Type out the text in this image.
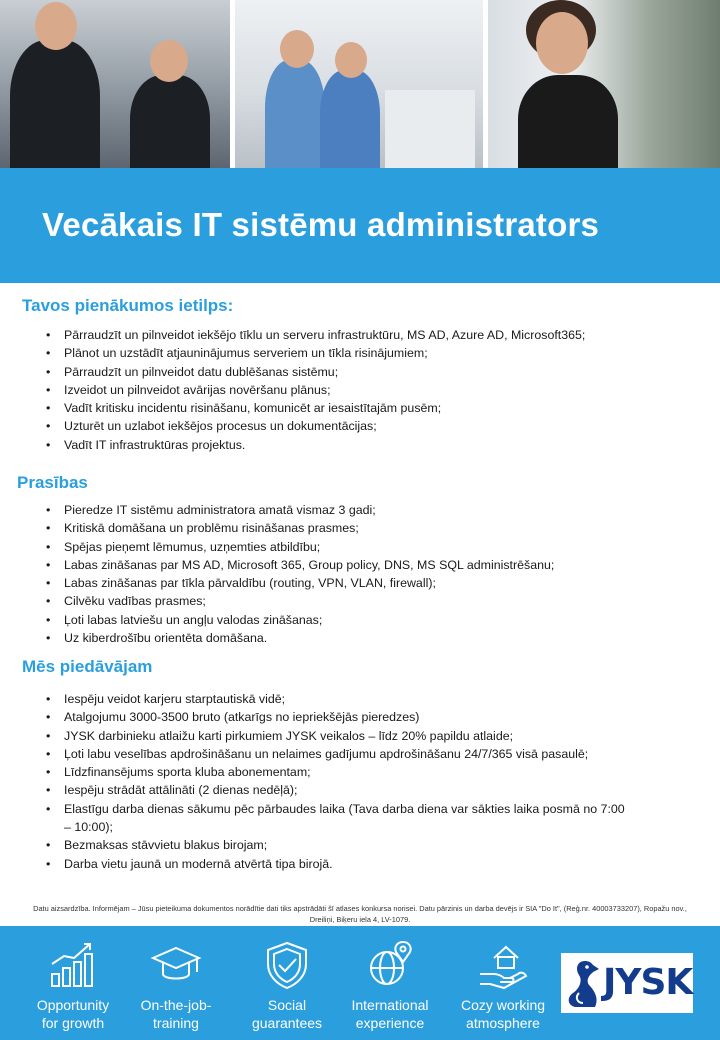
Vecākais IT sistēmu administrators
Tavos pienākumos ietilps:
• Pārraudzīt un pilnveidot iekšējo tīklu un serveru infrastruktūru, MS AD, Azure AD, Microsoft365;
• Plānot un uzstādīt atjauninājumus serveriem un tīkla risinājumiem;
• Pārraudzīt un pilnveidot datu dublēšanas sistēmu;
• Izveidot un pilnveidot avārijas novēršanu plānus;
• Vadīt kritisku incidentu risināšanu, komunicēt ar iesaistītajām pusēm;
• Uzturēt un uzlabot iekšējos procesus un dokumentācijas;
• Vadīt IT infrastruktūras projektus.
Prasības
• Pieredze IT sistēmu administratora amatā vismaz 3 gadi;
• Kritiskā domāšana un problēmu risināšanas prasmes;
• Spējas pieņemt lēmumus, uzņemties atbildību;
• Labas zināšanas par MS AD, Microsoft 365, Group policy, DNS, MS SQL administrēšanu;
• Labas zināšanas par tīkla pārvaldību (routing, VPN, VLAN, firewall);
• Cilvēku vadības prasmes;
• Ļoti labas latviešu un angļu valodas zināšanas;
• Uz kiberdrošību orientēta domāšana.
Mēs piedāvājam
• Iespēju veidot karjeru starptautiskā vidē;
• Atalgojumu 3000-3500 bruto (atkarīgs no iepriekšējās pieredzes)
• JYSK darbinieku atlaižu karti pirkumiem JYSK veikalos – līdz 20% papildu atlaide;
• Ļoti labu veselības apdrošināšanu un nelaimes gadījumu apdrošināšanu 24/7/365 visā pasaulē;
• Līdzfinansējums sporta kluba abonementam;
• Iespēju strādāt attālināti (2 dienas nedēļā);
• Elastīgu darba dienas sākumu pēc pārbaudes laika (Tava darba diena var sākties laika posmā no 7:00 – 10:00);
• Bezmaksas stāvvietu blakus birojam;
• Darba vietu jaunā un modernā atvērtā tipa birojā.
Datu aizsardzība. Informējam – Jūsu pieteikuma dokumentos norādītie dati tiks apstrādāti šī atlases konkursa norisei. Datu pārzinis un darba devējs ir SIA "Do It", (Reģ.nr. 40003733207), Ropažu nov., Dreiliņi, Biķeru iela 4, LV-1079.
Opportunity
for growth
On-the-job-
training
Social
guarantees
International
experience
Cozy working
atmosphere
JYSK
